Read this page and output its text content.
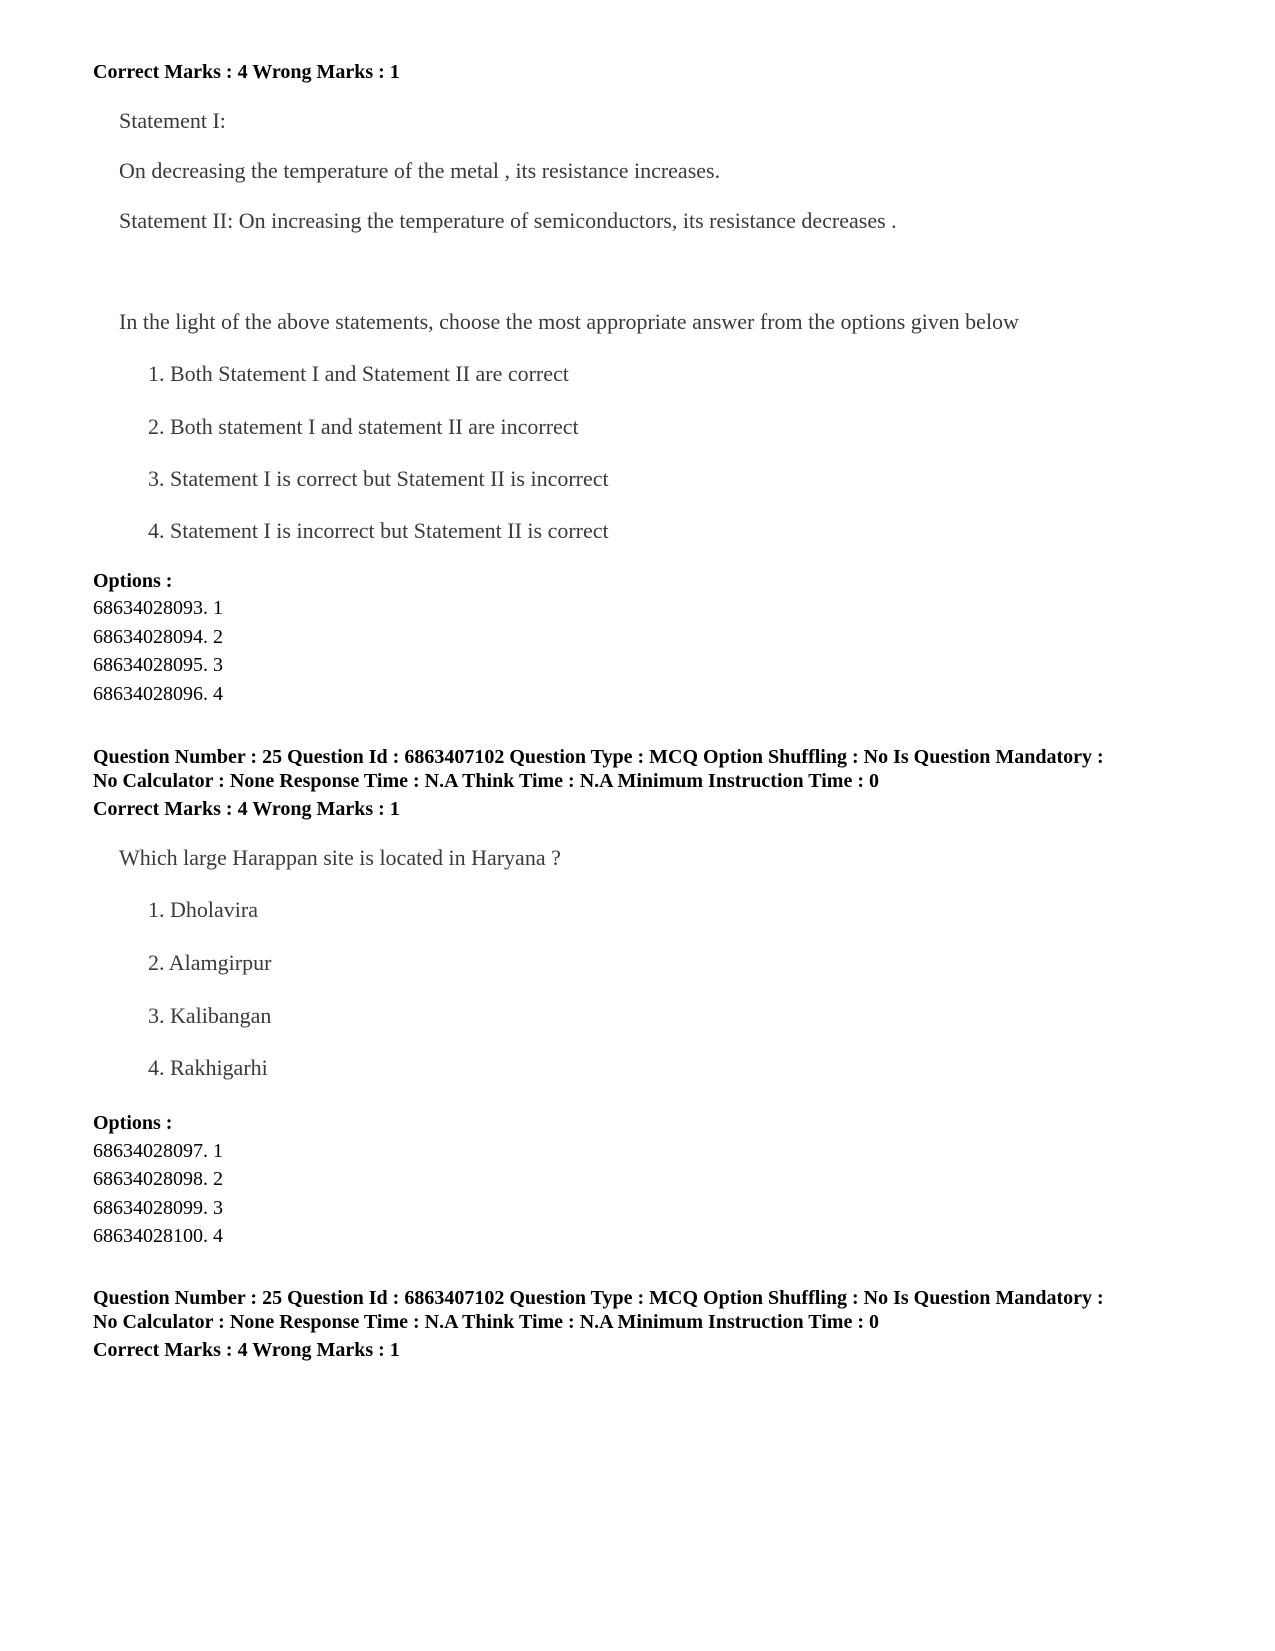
Correct Marks : 4 Wrong Marks : 1
Statement I:
On decreasing the temperature of the metal , its resistance increases.
Statement II: On increasing the temperature of semiconductors, its resistance decreases .
In the light of the above statements, choose the most appropriate answer from the options given below
1. Both Statement I and Statement II are correct
2. Both statement I and statement II are incorrect
3. Statement I is correct but Statement II is incorrect
4. Statement I is incorrect but Statement II is correct
Options :
68634028093. 1
68634028094. 2
68634028095. 3
68634028096. 4
Question Number : 25 Question Id : 6863407102 Question Type : MCQ Option Shuffling : No Is Question Mandatory :
No Calculator : None Response Time : N.A Think Time : N.A Minimum Instruction Time : 0
Correct Marks : 4 Wrong Marks : 1
Which large Harappan site is located in Haryana ?
1. Dholavira
2. Alamgirpur
3. Kalibangan
4. Rakhigarhi
Options :
68634028097. 1
68634028098. 2
68634028099. 3
68634028100. 4
Question Number : 25 Question Id : 6863407102 Question Type : MCQ Option Shuffling : No Is Question Mandatory :
No Calculator : None Response Time : N.A Think Time : N.A Minimum Instruction Time : 0
Correct Marks : 4 Wrong Marks : 1
